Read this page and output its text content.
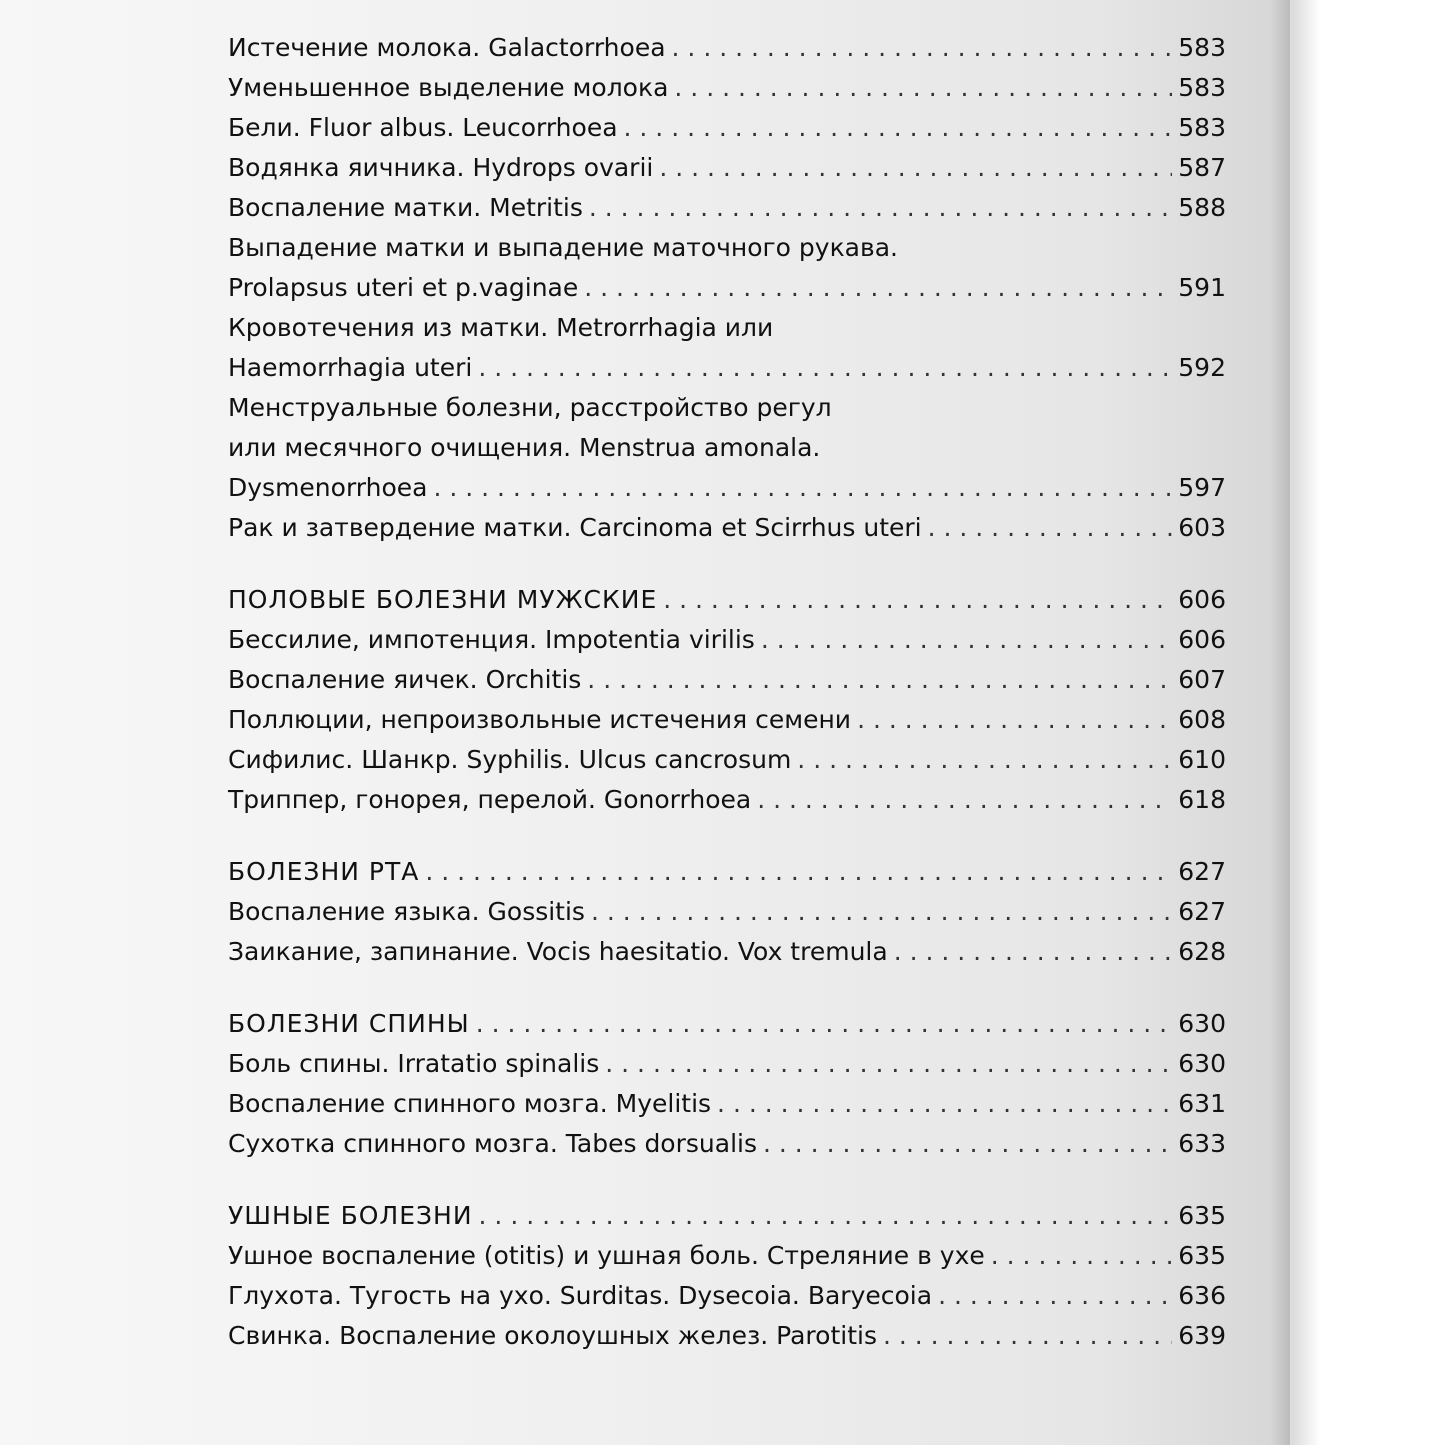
Истечение молока. Galactorrhoea . . .	583
Уменьшенное выделение молока . . .	583
Бели. Fluor albus. Leucorrhoea . . .	583
Водянка яичника. Hydrops ovarii . . .	587
Воспаление матки. Metritis . . .	588
Выпадение матки и выпадение маточного рукава.
Prolapsus uteri et p.vaginae . . .	591
Кровотечения из матки. Metrorrhagia или
Haemorrhagia uteri . . .	592
Менструальные болезни, расстройство регул
или месячного очищения. Menstrua amonala.
Dysmenorrhoea . . .	597
Рак и затвердение матки. Carcinoma et Scirrhus uteri . . .	603
ПОЛОВЫЕ БОЛЕЗНИ МУЖСКИЕ . . .	606
Бессилие, импотенция. Impotentia virilis . . .	606
Воспаление яичек. Orchitis . . .	607
Поллюции, непроизвольные истечения семени . . .	608
Сифилис. Шанкр. Syphilis. Ulcus cancrosum . . .	610
Триппер, гонорея, перелой. Gonorrhoea . . .	618
БОЛЕЗНИ РТА . . .	627
Воспаление языка. Gossitis . . .	627
Заикание, запинание. Vocis haesitatio. Vox tremula . . .	628
БОЛЕЗНИ СПИНЫ . . .	630
Боль спины. Irratatio spinalis . . .	630
Воспаление спинного мозга. Myelitis . . .	631
Сухотка спинного мозга. Tabes dorsualis . . .	633
УШНЫЕ БОЛЕЗНИ . . .	635
Ушное воспаление (otitis) и ушная боль. Стреляние в ухе . . .	635
Глухота. Тугость на ухо. Surditas. Dysecoia. Baryecoia . . .	636
Свинка. Воспаление околоушных желез. Parotitis . . .	639
